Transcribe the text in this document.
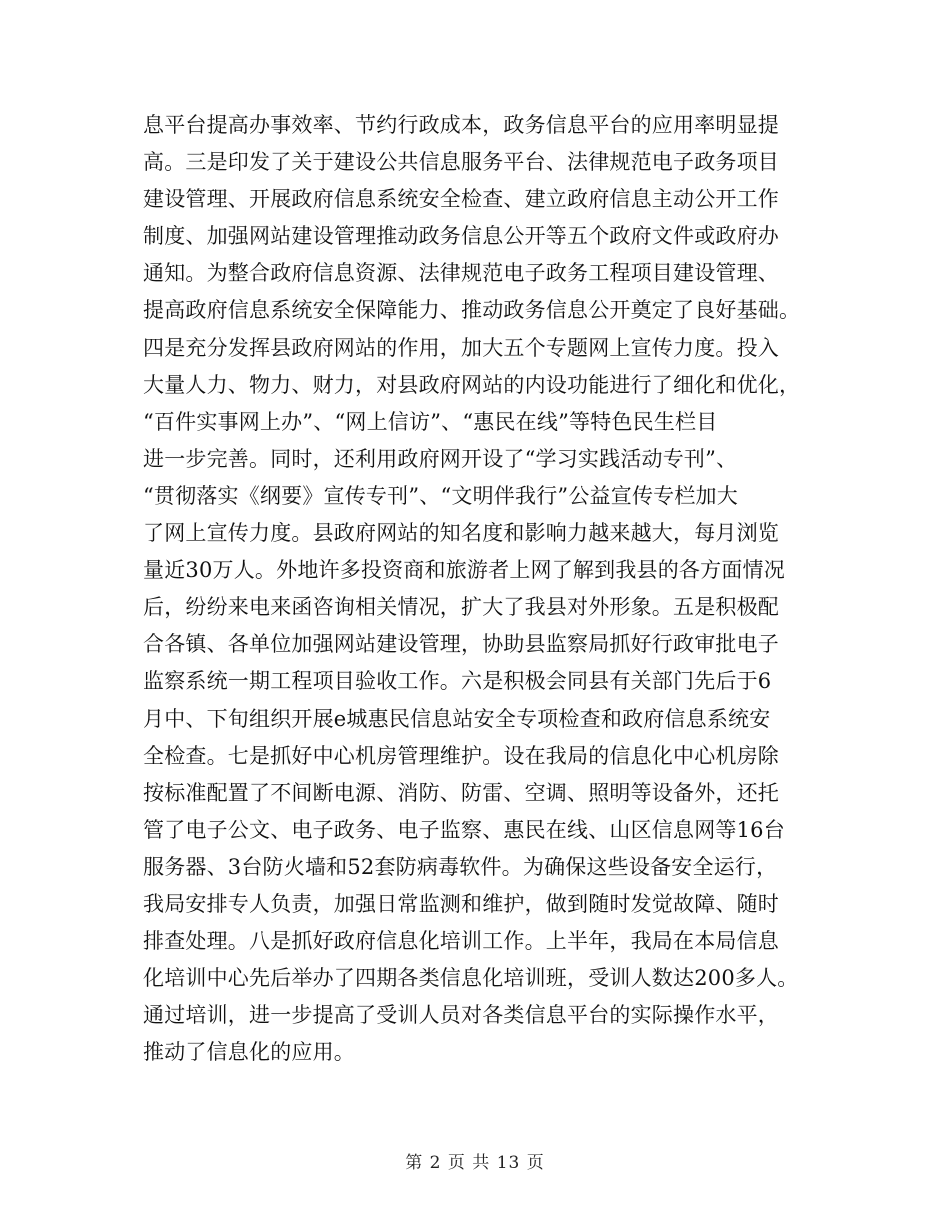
息平台提高办事效率、节约行政成本，政务信息平台的应用率明显提
高。三是印发了关于建设公共信息服务平台、法律规范电子政务项目
建设管理、开展政府信息系统安全检查、建立政府信息主动公开工作
制度、加强网站建设管理推动政务信息公开等五个政府文件或政府办
通知。为整合政府信息资源、法律规范电子政务工程项目建设管理、
提高政府信息系统安全保障能力、推动政务信息公开奠定了良好基础。
四是充分发挥县政府网站的作用，加大五个专题网上宣传力度。投入
大量人力、物力、财力，对县政府网站的内设功能进行了细化和优化，
“百件实事网上办”、“网上信访”、“惠民在线”等特色民生栏目
进一步完善。同时，还利用政府网开设了“学习实践活动专刊”、
“贯彻落实《纲要》宣传专刊”、“文明伴我行”公益宣传专栏加大
了网上宣传力度。县政府网站的知名度和影响力越来越大，每月浏览
量近30万人。外地许多投资商和旅游者上网了解到我县的各方面情况
后，纷纷来电来函咨询相关情况，扩大了我县对外形象。五是积极配
合各镇、各单位加强网站建设管理，协助县监察局抓好行政审批电子
监察系统一期工程项目验收工作。六是积极会同县有关部门先后于6
月中、下旬组织开展e城惠民信息站安全专项检查和政府信息系统安
全检查。七是抓好中心机房管理维护。设在我局的信息化中心机房除
按标准配置了不间断电源、消防、防雷、空调、照明等设备外，还托
管了电子公文、电子政务、电子监察、惠民在线、山区信息网等16台
服务器、3台防火墙和52套防病毒软件。为确保这些设备安全运行，
我局安排专人负责，加强日常监测和维护，做到随时发觉故障、随时
排查处理。八是抓好政府信息化培训工作。上半年，我局在本局信息
化培训中心先后举办了四期各类信息化培训班，受训人数达200多人。
通过培训，进一步提高了受训人员对各类信息平台的实际操作水平，
推动了信息化的应用。
第 2 页 共 13 页
